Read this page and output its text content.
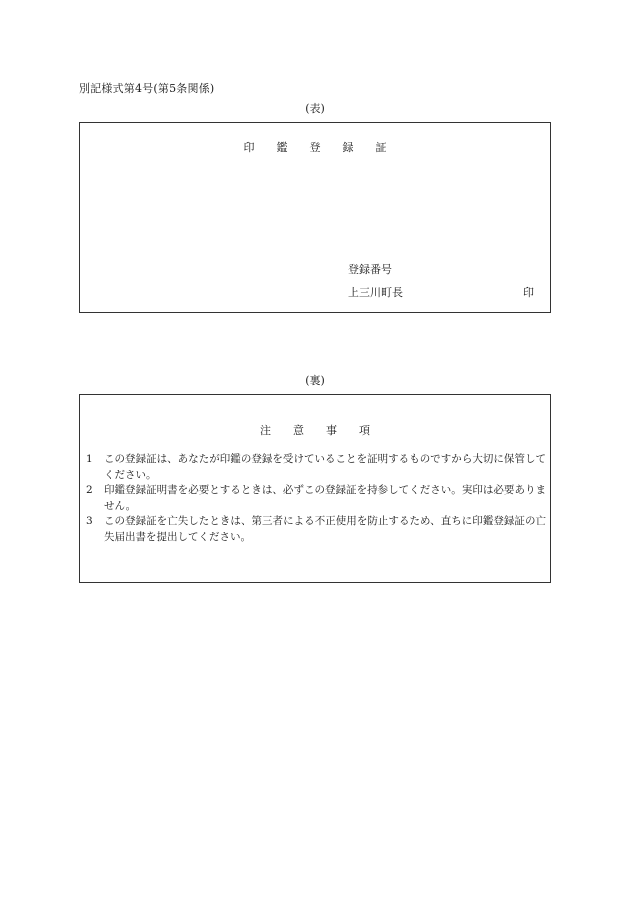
別記様式第4号(第5条関係)
(表)
印 鑑 登 録 証
登録番号
上三川町長	印
(裏)
注 意 事 項
1	この登録証は、あなたが印鑑の登録を受けていることを証明するものですから大切に保管してください。
2	印鑑登録証明書を必要とするときは、必ずこの登録証を持参してください。実印は必要ありません。
3	この登録証を亡失したときは、第三者による不正使用を防止するため、直ちに印鑑登録証の亡失届出書を提出してください。
